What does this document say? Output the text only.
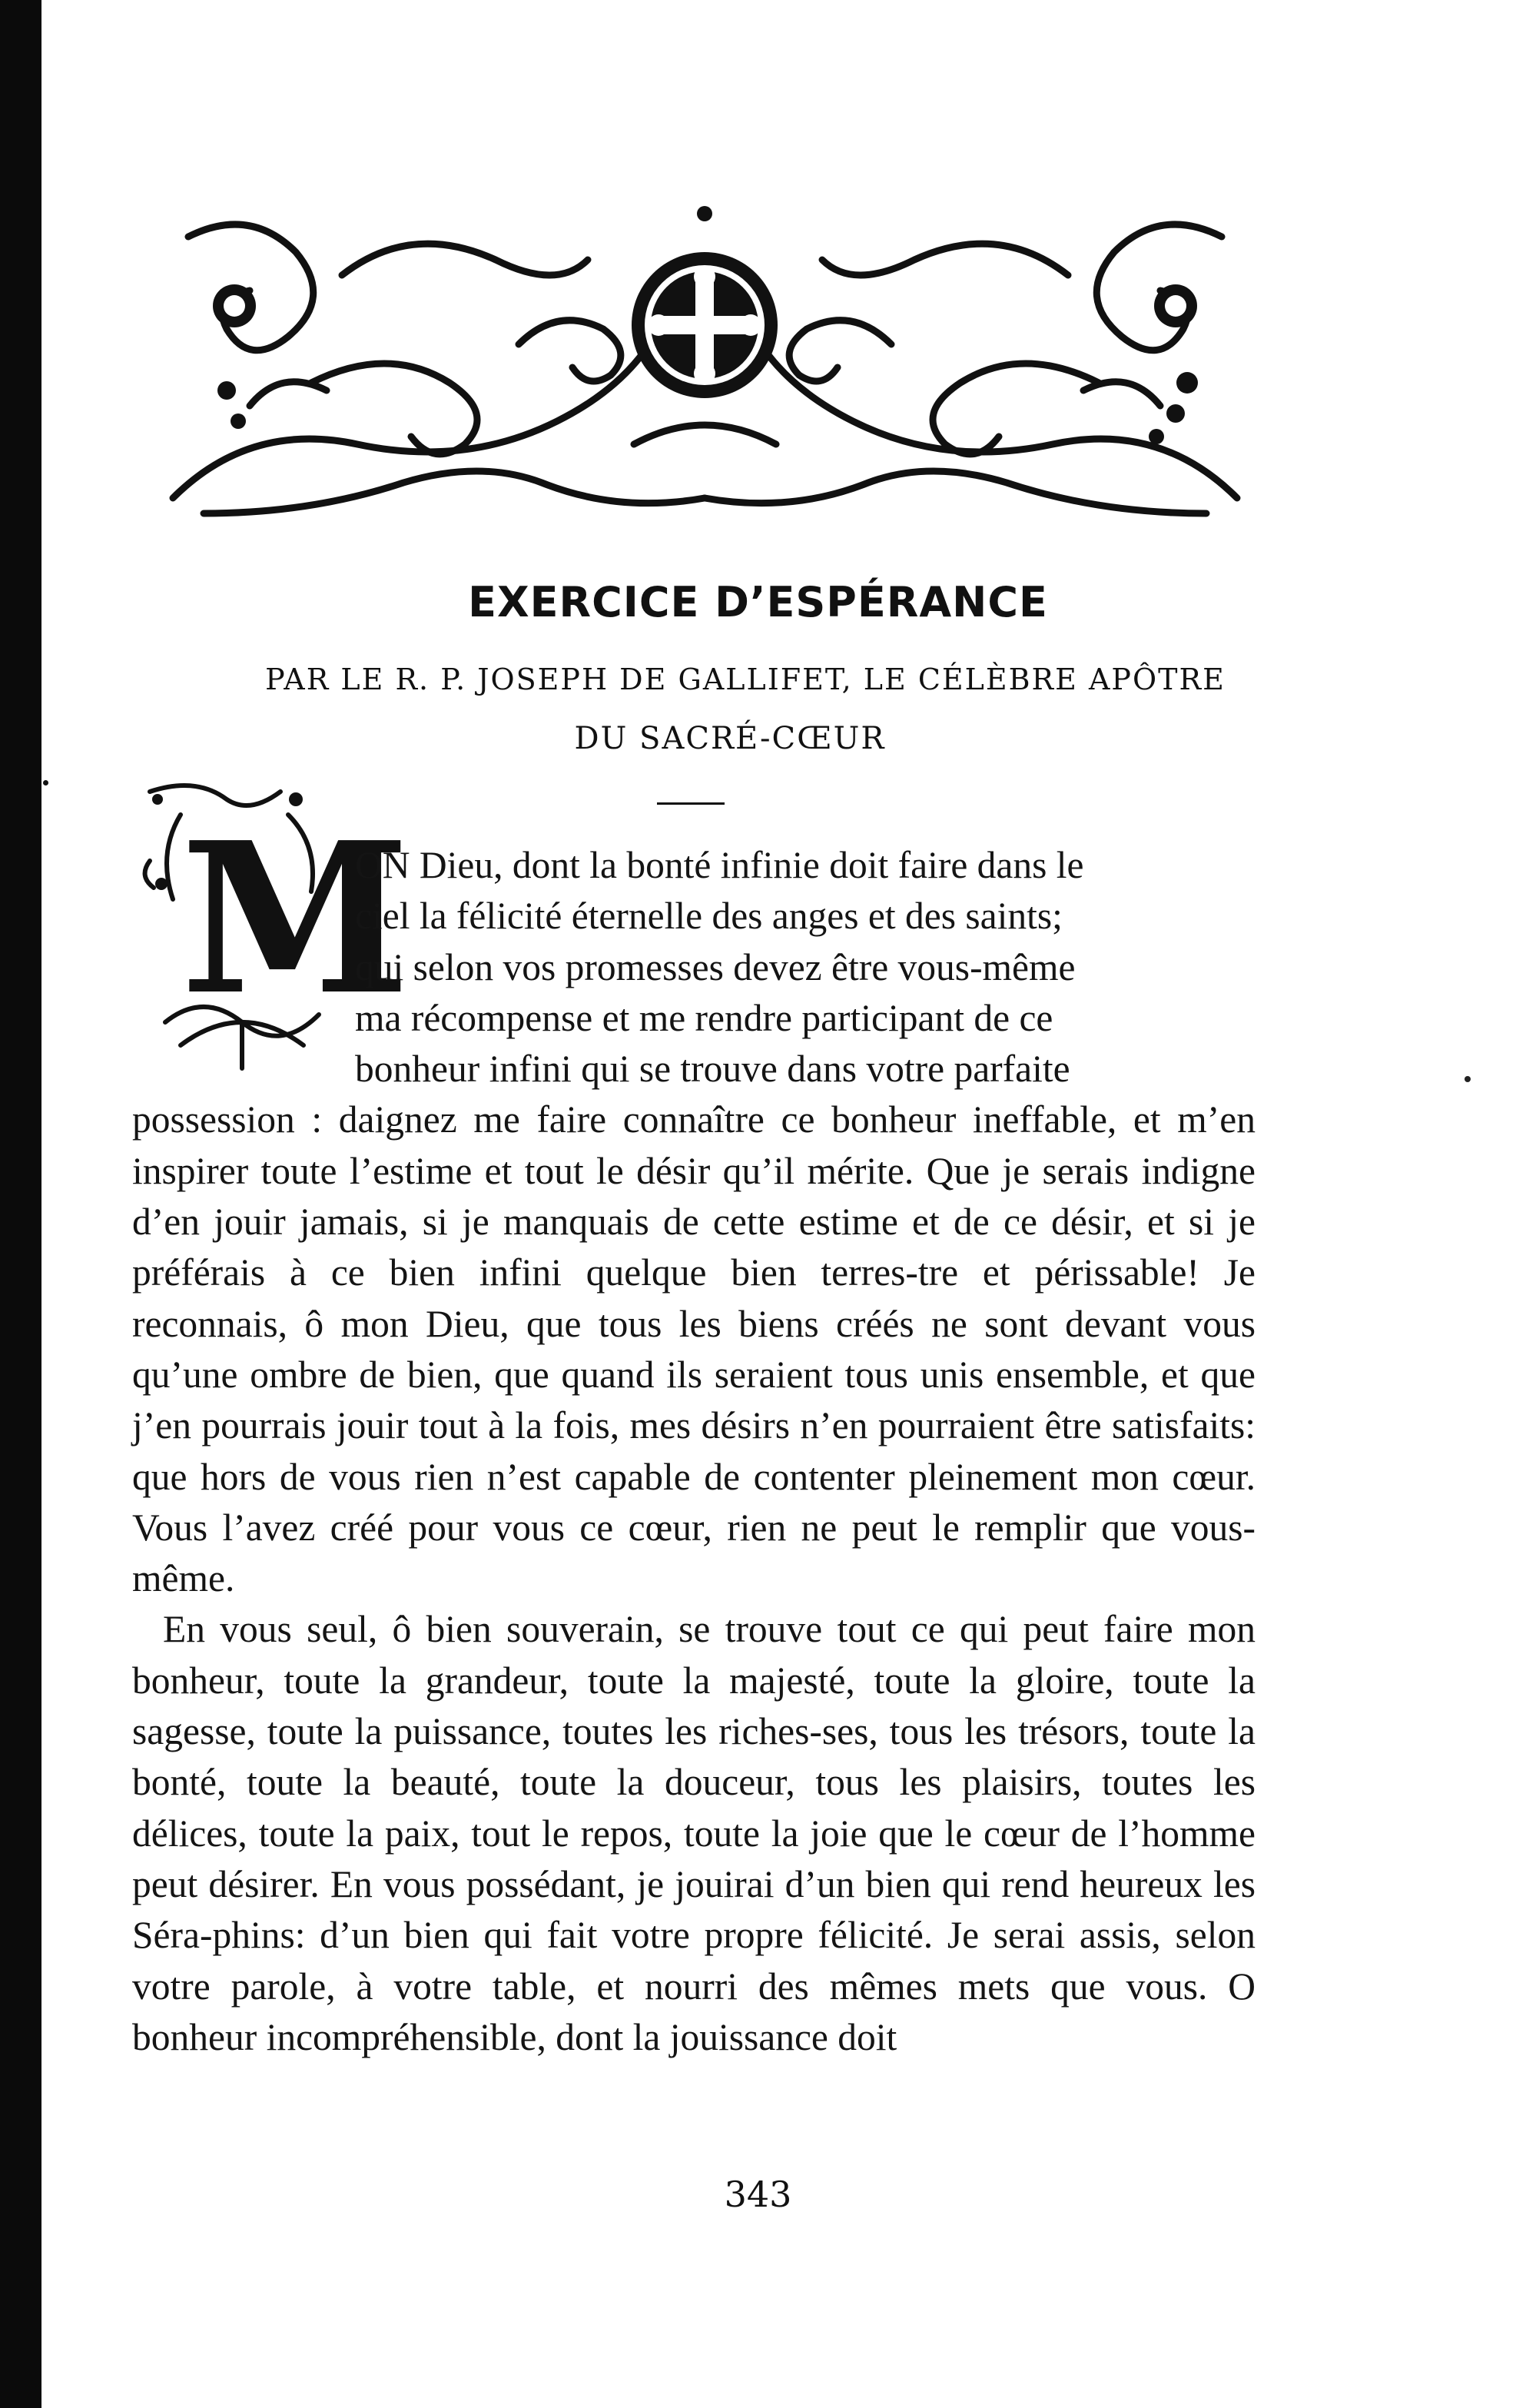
EXERCICE D’ESPÉRANCE
PAR LE R. P. JOSEPH DE GALLIFET, LE CÉLÈBRE APÔTRE
DU SACRÉ-CŒUR
M

ON Dieu, dont la bonté infinie doit faire dans le
ciel la félicité éternelle des anges et des saints;
qui selon vos promesses devez être vous-même
ma récompense et me rendre participant de ce
bonheur infini qui se trouve dans votre parfaite
possession : daignez me faire connaître ce bonheur ineffable, et m’en inspirer toute l’estime et tout le désir qu’il mérite. Que je serais indigne d’en jouir jamais, si je manquais de cette estime et de ce désir, et si je préférais à ce bien infini quelque bien terres-tre et périssable! Je reconnais, ô mon Dieu, que tous les biens créés ne sont devant vous qu’une ombre de bien, que quand ils seraient tous unis ensemble, et que j’en pourrais jouir tout à la fois, mes désirs n’en pourraient être satisfaits: que hors de vous rien n’est capable de contenter pleinement mon cœur. Vous l’avez créé pour vous ce cœur, rien ne peut le remplir que vous-même.

En vous seul, ô bien souverain, se trouve tout ce qui peut faire mon bonheur, toute la grandeur, toute la majesté, toute la gloire, toute la sagesse, toute la puissance, toutes les riches-ses, tous les trésors, toute la bonté, toute la beauté, toute la douceur, tous les plaisirs, toutes les délices, toute la paix, tout le repos, toute la joie que le cœur de l’homme peut désirer. En vous possédant, je jouirai d’un bien qui rend heureux les Séra-phins: d’un bien qui fait votre propre félicité. Je serai assis, selon votre parole, à votre table, et nourri des mêmes mets que vous. O bonheur incompréhensible, dont la jouissance doit

343
